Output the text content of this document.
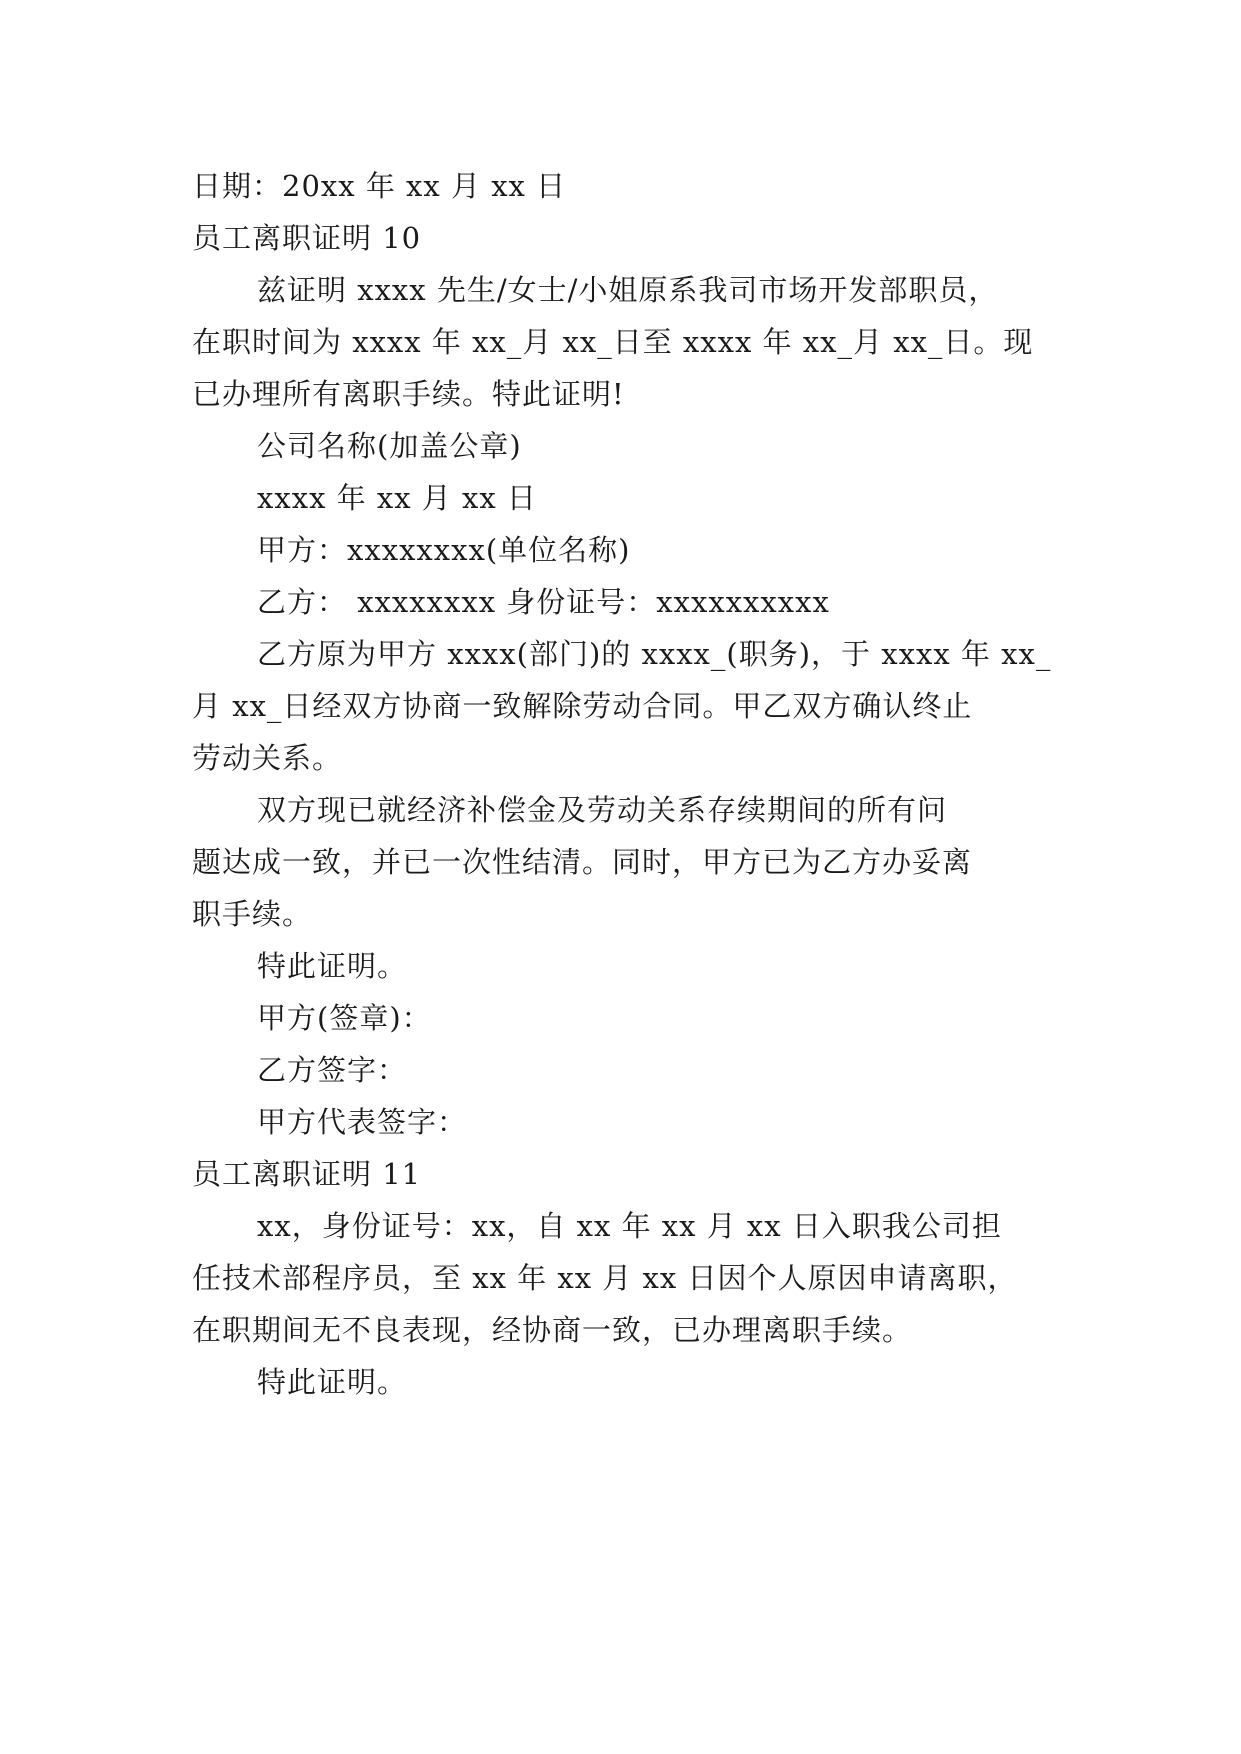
日期：20xx 年 xx 月 xx 日
员工离职证明 10
兹证明 xxxx 先生/女士/小姐原系我司市场开发部职员，
在职时间为 xxxx 年 xx_月 xx_日至 xxxx 年 xx_月 xx_日。现
已办理所有离职手续。特此证明!
公司名称(加盖公章)
xxxx 年 xx 月 xx 日
甲方：xxxxxxxx(单位名称)
乙方： xxxxxxxx 身份证号：xxxxxxxxxx
乙方原为甲方 xxxx(部门)的 xxxx_(职务)，于 xxxx 年 xx_
月 xx_日经双方协商一致解除劳动合同。甲乙双方确认终止
劳动关系。
双方现已就经济补偿金及劳动关系存续期间的所有问
题达成一致，并已一次性结清。同时，甲方已为乙方办妥离
职手续。
特此证明。
甲方(签章)：
乙方签字：
甲方代表签字：
员工离职证明 11
xx，身份证号：xx，自 xx 年 xx 月 xx 日入职我公司担
任技术部程序员，至 xx 年 xx 月 xx 日因个人原因申请离职，
在职期间无不良表现，经协商一致，已办理离职手续。
特此证明。
